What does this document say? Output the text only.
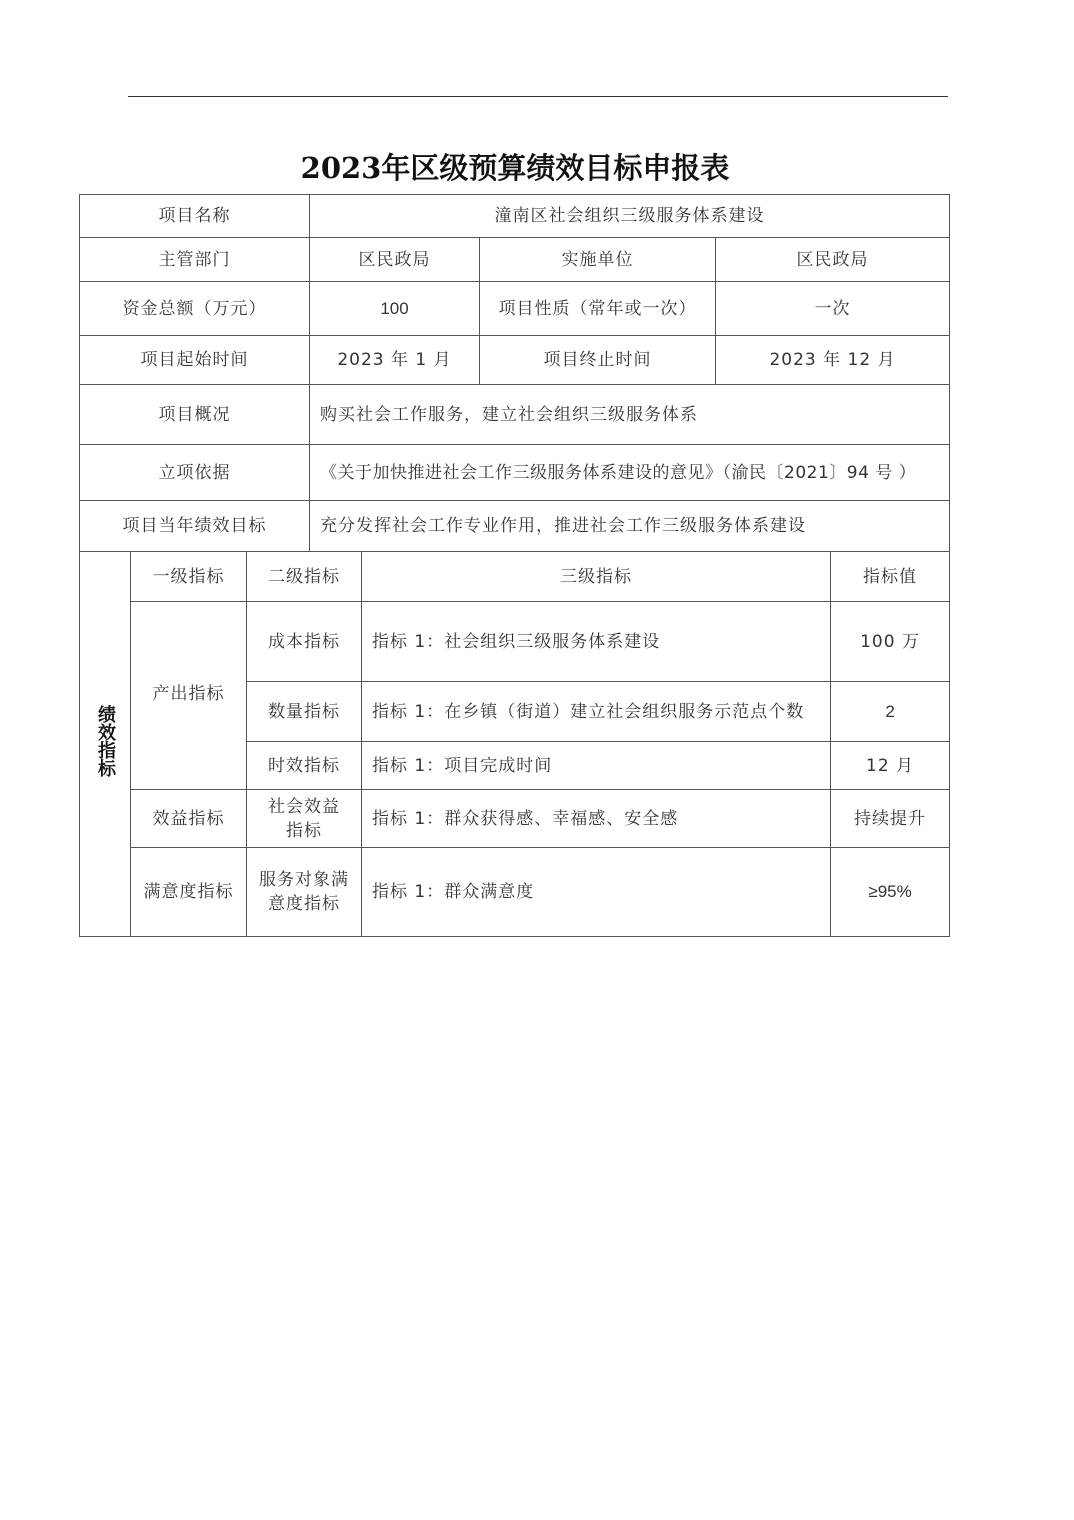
2023年区级预算绩效目标申报表
项目名称			潼南区社会组织三级服务体系建设				
主管部门			区民政局		实施单位	区民政局	
资金总额（万元）			100		项目性质（常年或一次）	一次	
项目起始时间			2023 年 1 月		项目终止时间	2023 年 12 月	
项目概况			购买社会工作服务，建立社会组织三级服务体系				
立项依据			《关于加快推进社会工作三级服务体系建设的意见》（渝民〔2021〕94 号 ）				
项目当年绩效目标			充分发挥社会工作专业作用，推进社会工作三级服务体系建设				
绩效指标	一级指标	二级指标		三级指标			指标值
	产出指标	成本指标		指标 1：社会组织三级服务体系建设			100 万
		数量指标		指标 1：在乡镇（街道）建立社会组织服务示范点个数			2
		时效指标		指标 1：项目完成时间			12 月
	效益指标	社会效益指标		指标 1：群众获得感、幸福感、安全感			持续提升
	满意度指标	服务对象满意度指标		指标 1：群众满意度			≥95%
